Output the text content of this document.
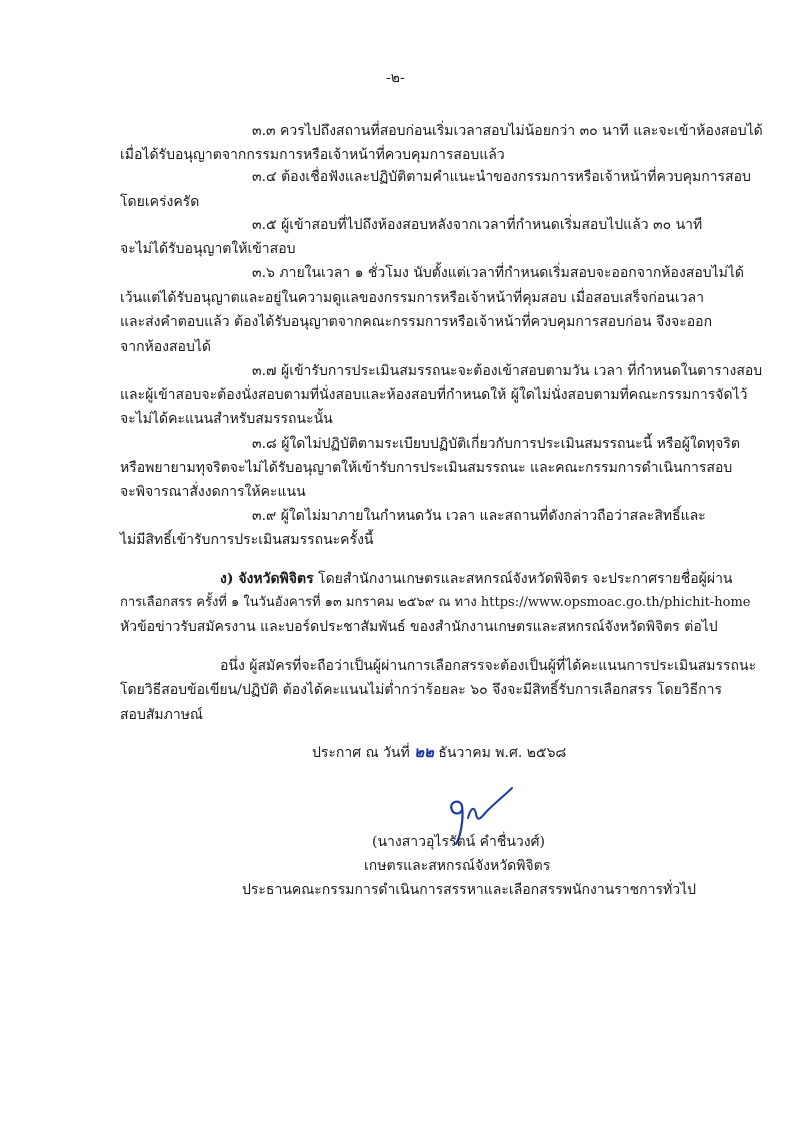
-๒-
๓.๓ ควรไปถึงสถานที่สอบก่อนเริ่มเวลาสอบไม่น้อยกว่า ๓๐ นาที และจะเข้าห้องสอบได้
เมื่อได้รับอนุญาตจากกรรมการหรือเจ้าหน้าที่ควบคุมการสอบแล้ว
๓.๔ ต้องเชื่อฟังและปฏิบัติตามคำแนะนำของกรรมการหรือเจ้าหน้าที่ควบคุมการสอบ
โดยเคร่งครัด
๓.๕ ผู้เข้าสอบที่ไปถึงห้องสอบหลังจากเวลาที่กำหนดเริ่มสอบไปแล้ว ๓๐ นาที
จะไม่ได้รับอนุญาตให้เข้าสอบ
๓.๖ ภายในเวลา ๑ ชั่วโมง นับตั้งแต่เวลาที่กำหนดเริ่มสอบจะออกจากห้องสอบไม่ได้
เว้นแต่ได้รับอนุญาตและอยู่ในความดูแลของกรรมการหรือเจ้าหน้าที่คุมสอบ เมื่อสอบเสร็จก่อนเวลา
และส่งคำตอบแล้ว ต้องได้รับอนุญาตจากคณะกรรมการหรือเจ้าหน้าที่ควบคุมการสอบก่อน จึงจะออก
จากห้องสอบได้
๓.๗ ผู้เข้ารับการประเมินสมรรถนะจะต้องเข้าสอบตามวัน เวลา ที่กำหนดในตารางสอบ
และผู้เข้าสอบจะต้องนั่งสอบตามที่นั่งสอบและห้องสอบที่กำหนดให้ ผู้ใดไม่นั่งสอบตามที่คณะกรรมการจัดไว้
จะไม่ได้คะแนนสำหรับสมรรถนะนั้น
๓.๘ ผู้ใดไม่ปฏิบัติตามระเบียบปฏิบัติเกี่ยวกับการประเมินสมรรถนะนี้ หรือผู้ใดทุจริต
หรือพยายามทุจริตจะไม่ได้รับอนุญาตให้เข้ารับการประเมินสมรรถนะ และคณะกรรมการดำเนินการสอบ
จะพิจารณาสั่งงดการให้คะแนน
๓.๙ ผู้ใดไม่มาภายในกำหนดวัน เวลา และสถานที่ดังกล่าวถือว่าสละสิทธิ์และ
ไม่มีสิทธิ์เข้ารับการประเมินสมรรถนะครั้งนี้
ง) จังหวัดพิจิตร โดยสำนักงานเกษตรและสหกรณ์จังหวัดพิจิตร จะประกาศรายชื่อผู้ผ่าน
การเลือกสรร ครั้งที่ ๑ ในวันอังคารที่ ๑๓ มกราคม ๒๕๖๙ ณ ทาง https://www.opsmoac.go.th/phichit-home
หัวข้อข่าวรับสมัครงาน และบอร์ดประชาสัมพันธ์ ของสำนักงานเกษตรและสหกรณ์จังหวัดพิจิตร ต่อไป
อนึ่ง ผู้สมัครที่จะถือว่าเป็นผู้ผ่านการเลือกสรรจะต้องเป็นผู้ที่ได้คะแนนการประเมินสมรรถนะ
โดยวิธีสอบข้อเขียน/ปฏิบัติ ต้องได้คะแนนไม่ต่ำกว่าร้อยละ ๖๐ จึงจะมีสิทธิ์รับการเลือกสรร โดยวิธีการ
สอบสัมภาษณ์
ประกาศ ณ วันที่ ๒๒ ธันวาคม พ.ศ. ๒๕๖๘
(นางสาวอุไรรัตน์ คำชื่นวงศ์)
เกษตรและสหกรณ์จังหวัดพิจิตร
ประธานคณะกรรมการดำเนินการสรรหาและเลือกสรรพนักงานราชการทั่วไป
